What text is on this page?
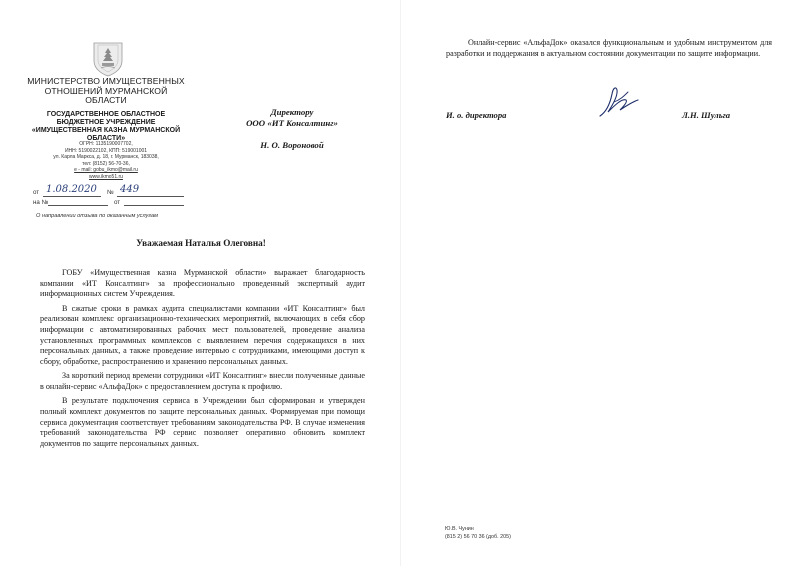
МИНИСТЕРСТВО ИМУЩЕСТВЕННЫХ
ОТНОШЕНИЙ МУРМАНСКОЙ
ОБЛАСТИ
ГОСУДАРСТВЕННОЕ ОБЛАСТНОЕ
БЮДЖЕТНОЕ УЧРЕЖДЕНИЕ
«ИМУЩЕСТВЕННАЯ КАЗНА МУРМАНСКОЙ
ОБЛАСТИ»
ОГРН: 1135190007702,
ИНН: 5190022102, КПП: 519001001
ул. Карла Маркса, д. 18, г. Мурманск, 183038,
тел: (8152) 56-70-36,
e - mail: gobu_ikmo@mail.ru
www.ikmo51.ru
от 1.08.2020 № 449
на №	от
О направлении отзыва по оказанным услугам
Директору
ООО «ИТ Консалтинг»
Н. О. Вороновой
Уважаемая Наталья Олеговна!

ГОБУ «Имущественная казна Мурманской области» выражает благодарность компании «ИТ Консалтинг» за профессионально проведенный экспертный аудит информационных систем Учреждения.

В сжатые сроки в рамках аудита специалистами компании «ИТ Консалтинг» был реализован комплекс организационно-технических мероприятий, включающих в себя сбор информации с автоматизированных рабочих мест пользователей, проведение анализа установленных программных комплексов с выявлением перечня содержащихся в них персональных данных, а также проведение интервью с сотрудниками, имеющими доступ к сбору, обработке, распространению и хранению персональных данных.

За короткий период времени сотрудники «ИТ Консалтинг» внесли полученные данные в онлайн-сервис «АльфаДок» с предоставлением доступа к профилю.

В результате подключения сервиса в Учреждении был сформирован и утвержден полный комплект документов по защите персональных данных. Формируемая при помощи сервиса документация соответствует требованиям законодательства РФ. В случае изменения требований законодательства РФ сервис позволяет оперативно обновить комплект документов по защите персональных данных.

Онлайн-сервис «АльфаДок» оказался функциональным и удобным инструментом для разработки и поддержания в актуальном состоянии документации по защите информации.

И. о. директора	Л.Н. Шульга
Ю.В. Чунин
(815 2) 56 70 36 (доб. 205)
